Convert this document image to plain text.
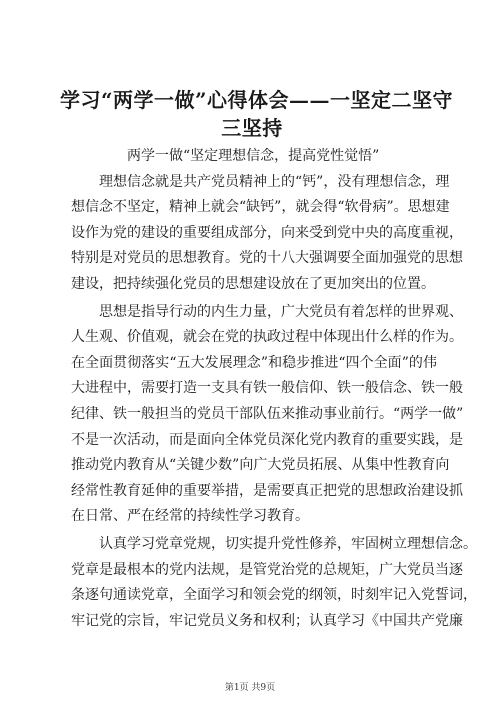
学习“两学一做”心得体会——一坚定二坚守
三坚持

两学一做“坚定理想信念，提高党性觉悟”

理想信念就是共产党员精神上的“钙”，没有理想信念，理
想信念不坚定，精神上就会“缺钙”，就会得“软骨病”。思想建
设作为党的建设的重要组成部分，向来受到党中央的高度重视，
特别是对党员的思想教育。党的十八大强调要全面加强党的思想
建设，把持续强化党员的思想建设放在了更加突出的位置。

思想是指导行动的内生力量，广大党员有着怎样的世界观、
人生观、价值观，就会在党的执政过程中体现出什么样的作为。
在全面贯彻落实“五大发展理念”和稳步推进“四个全面”的伟
大进程中，需要打造一支具有铁一般信仰、铁一般信念、铁一般
纪律、铁一般担当的党员干部队伍来推动事业前行。“两学一做”
不是一次活动，而是面向全体党员深化党内教育的重要实践，是
推动党内教育从“关键少数”向广大党员拓展、从集中性教育向
经常性教育延伸的重要举措，是需要真正把党的思想政治建设抓
在日常、严在经常的持续性学习教育。

认真学习党章党规，切实提升党性修养，牢固树立理想信念。
党章是最根本的党内法规，是管党治党的总规矩，广大党员当逐
条逐句通读党章，全面学习和领会党的纲领，时刻牢记入党誓词，
牢记党的宗旨，牢记党员义务和权利；认真学习《中国共产党廉

第1页 共9页
